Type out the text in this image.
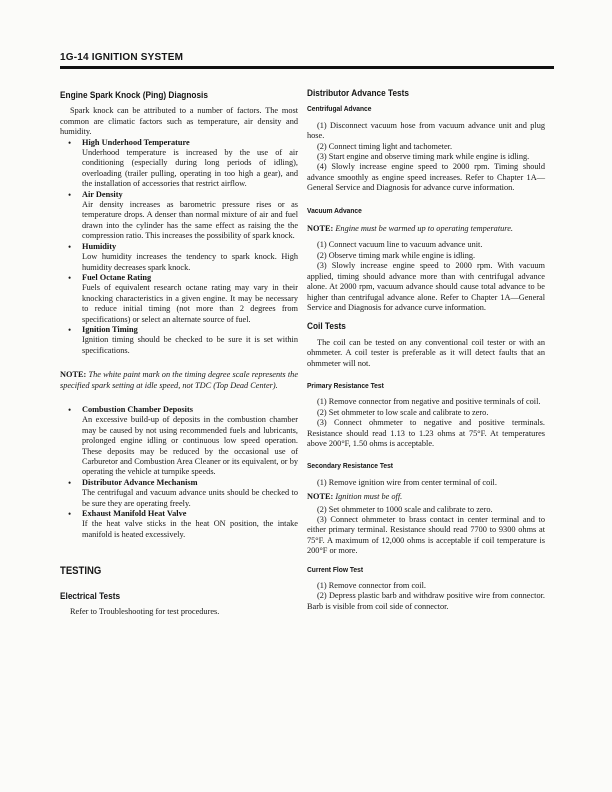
1G-14 IGNITION SYSTEM
Engine Spark Knock (Ping) Diagnosis

Spark knock can be attributed to a number of factors. The most common are climatic factors such as temperature, air density and humidity.

• High Underhood Temperature
Underhood temperature is increased by the use of air conditioning (especially during long periods of idling), overloading (trailer pulling, operating in too high a gear), and the installation of accessories that restrict airflow.
• Air Density
Air density increases as barometric pressure rises or as temperature drops. A denser than normal mixture of air and fuel drawn into the cylinder has the same effect as raising the the compression ratio. This increases the possibility of spark knock.
• Humidity
Low humidity increases the tendency to spark knock. High humidity decreases spark knock.
• Fuel Octane Rating
Fuels of equivalent research octane rating may vary in their knocking characteristics in a given engine. It may be necessary to reduce initial timing (not more than 2 degrees from specifications) or select an alternate source of fuel.
• Ignition Timing
Ignition timing should be checked to be sure it is set within specifications.

NOTE: The white paint mark on the timing degree scale represents the specified spark setting at idle speed, not TDC (Top Dead Center).

• Combustion Chamber Deposits
An excessive build-up of deposits in the combustion chamber may be caused by not using recommended fuels and lubricants, prolonged engine idling or continuous low speed operation. These deposits may be reduced by the occasional use of Carburetor and Combustion Area Cleaner or its equivalent, or by operating the vehicle at turnpike speeds.
• Distributor Advance Mechanism
The centrifugal and vacuum advance units should be checked to be sure they are operating freely.
• Exhaust Manifold Heat Valve
If the heat valve sticks in the heat ON position, the intake manifold is heated excessively.
TESTING
Electrical Tests

Refer to Troubleshooting for test procedures.

Distributor Advance Tests
Centrifugal Advance

(1) Disconnect vacuum hose from vacuum advance unit and plug hose.

(2) Connect timing light and tachometer.

(3) Start engine and observe timing mark while engine is idling.

(4) Slowly increase engine speed to 2000 rpm. Timing should advance smoothly as engine speed increases. Refer to Chapter 1A—General Service and Diagnosis for advance curve information.

Vacuum Advance

NOTE: Engine must be warmed up to operating temperature.

(1) Connect vacuum line to vacuum advance unit.

(2) Observe timing mark while engine is idling.

(3) Slowly increase engine speed to 2000 rpm. With vacuum applied, timing should advance more than with centrifugal advance alone. At 2000 rpm, vacuum advance should cause total advance to be higher than centrifugal advance alone. Refer to Chapter 1A—General Service and Diagnosis for advance curve information.

Coil Tests

The coil can be tested on any conventional coil tester or with an ohmmeter. A coil tester is preferable as it will detect faults that an ohmmeter will not.

Primary Resistance Test

(1) Remove connector from negative and positive terminals of coil.

(2) Set ohmmeter to low scale and calibrate to zero.

(3) Connect ohmmeter to negative and positive terminals. Resistance should read 1.13 to 1.23 ohms at 75°F. At temperatures above 200°F, 1.50 ohms is acceptable.

Secondary Resistance Test

(1) Remove ignition wire from center terminal of coil.

NOTE: Ignition must be off.

(2) Set ohmmeter to 1000 scale and calibrate to zero.

(3) Connect ohmmeter to brass contact in center terminal and to either primary terminal. Resistance should read 7700 to 9300 ohms at 75°F. A maximum of 12,000 ohms is acceptable if coil temperature is 200°F or more.

Current Flow Test

(1) Remove connector from coil.

(2) Depress plastic barb and withdraw positive wire from connector. Barb is visible from coil side of connector.
